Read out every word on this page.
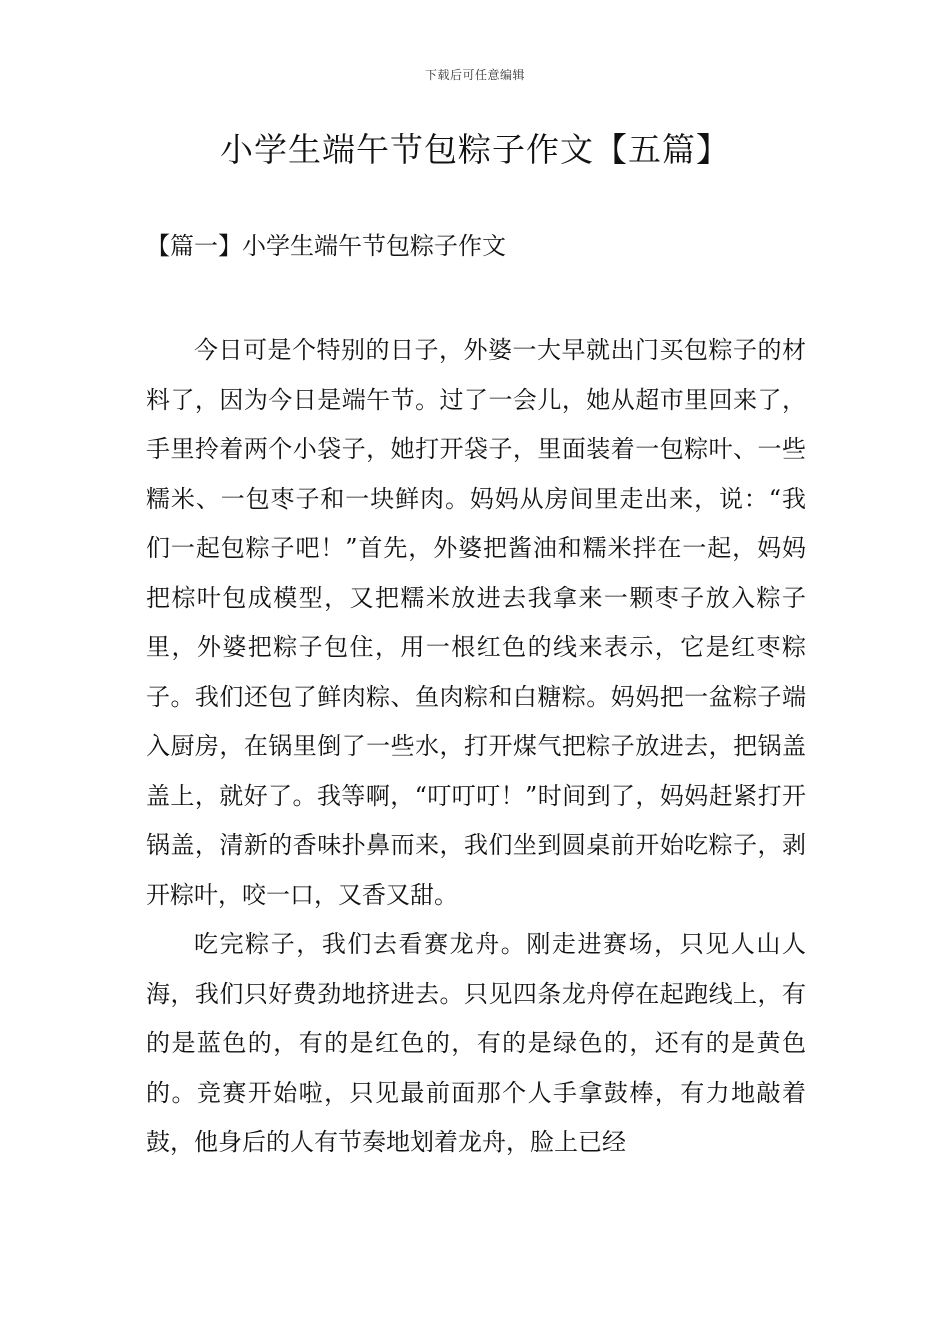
下载后可任意编辑
小学生端午节包粽子作文【五篇】
【篇一】小学生端午节包粽子作文

今日可是个特别的日子，外婆一大早就出门买包粽子的材料了，因为今日是端午节。过了一会儿，她从超市里回来了，手里拎着两个小袋子，她打开袋子，里面装着一包粽叶、一些糯米、一包枣子和一块鲜肉。妈妈从房间里走出来，说：“我们一起包粽子吧！”首先，外婆把酱油和糯米拌在一起，妈妈把棕叶包成模型，又把糯米放进去我拿来一颗枣子放入粽子里，外婆把粽子包住，用一根红色的线来表示，它是红枣粽子。我们还包了鲜肉粽、鱼肉粽和白糖粽。妈妈把一盆粽子端入厨房，在锅里倒了一些水，打开煤气把粽子放进去，把锅盖盖上，就好了。我等啊，“叮叮叮！”时间到了，妈妈赶紧打开锅盖，清新的香味扑鼻而来，我们坐到圆桌前开始吃粽子，剥开粽叶，咬一口，又香又甜。

吃完粽子，我们去看赛龙舟。刚走进赛场，只见人山人海，我们只好费劲地挤进去。只见四条龙舟停在起跑线上，有的是蓝色的，有的是红色的，有的是绿色的，还有的是黄色的。竞赛开始啦，只见最前面那个人手拿鼓棒，有力地敲着鼓，他身后的人有节奏地划着龙舟，脸上已经
